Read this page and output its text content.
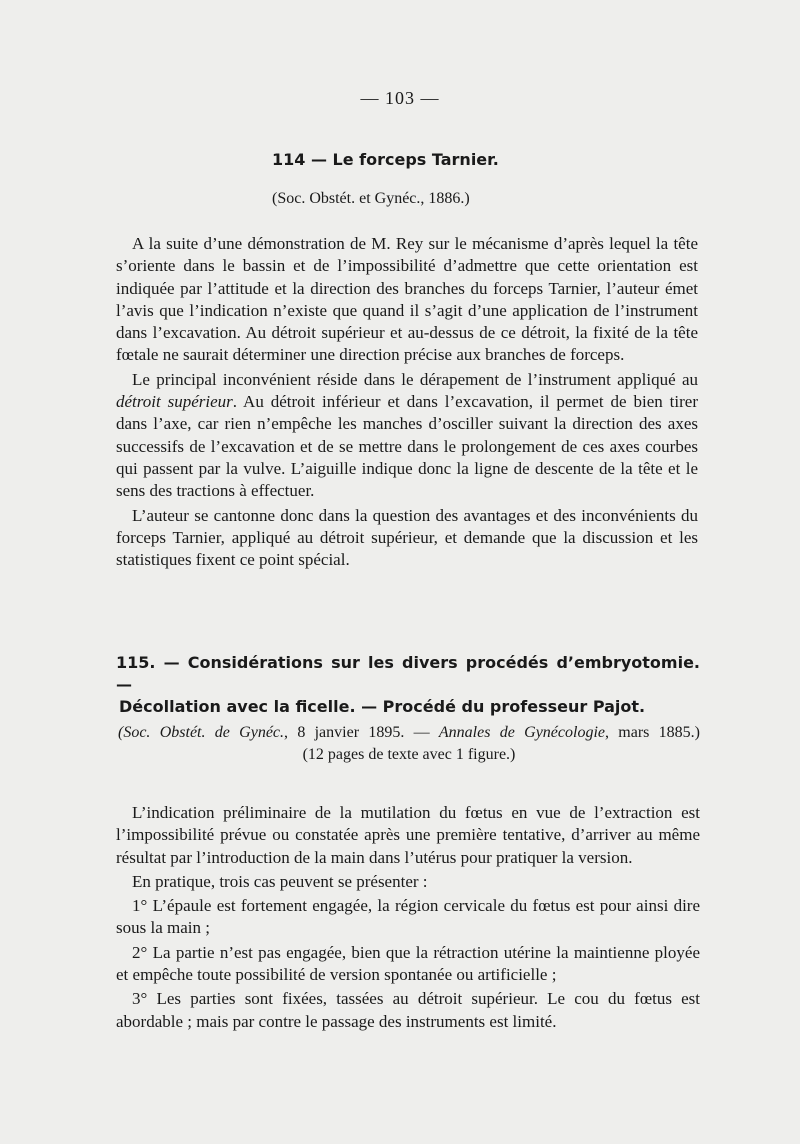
— 103 —
114 — Le forceps Tarnier.
(Soc. Obstét. et Gynéc., 1886.)

A la suite d’une démonstration de M. Rey sur le mécanisme d’après lequel la tête s’oriente dans le bassin et de l’impossibilité d’admettre que cette orientation est indiquée par l’attitude et la direction des branches du forceps Tarnier, l’auteur émet l’avis que l’indication n’existe que quand il s’agit d’une application de l’instrument dans l’excavation. Au détroit supérieur et au-dessus de ce détroit, la fixité de la tête fœtale ne saurait déterminer une direction précise aux branches de forceps.

Le principal inconvénient réside dans le dérapement de l’instrument appliqué au détroit supérieur. Au détroit inférieur et dans l’excavation, il permet de bien tirer dans l’axe, car rien n’empêche les manches d’osciller suivant la direction des axes successifs de l’excavation et de se mettre dans le prolongement de ces axes courbes qui passent par la vulve. L’aiguille indique donc la ligne de descente de la tête et le sens des tractions à effectuer.

L’auteur se cantonne donc dans la question des avantages et des inconvénients du forceps Tarnier, appliqué au détroit supérieur, et demande que la discussion et les statistiques fixent ce point spécial.

115. — Considérations sur les divers procédés d’embryotomie. —
Décollation avec la ficelle. — Procédé du professeur Pajot.
(Soc. Obstét. de Gynéc., 8 janvier 1895. — Annales de Gynécologie, mars 1885.)
(12 pages de texte avec 1 figure.)

L’indication préliminaire de la mutilation du fœtus en vue de l’extraction est l’impossibilité prévue ou constatée après une première tentative, d’arriver au même résultat par l’introduction de la main dans l’utérus pour pratiquer la version.

En pratique, trois cas peuvent se présenter :

1° L’épaule est fortement engagée, la région cervicale du fœtus est pour ainsi dire sous la main ;

2° La partie n’est pas engagée, bien que la rétraction utérine la maintienne ployée et empêche toute possibilité de version spontanée ou artificielle ;

3° Les parties sont fixées, tassées au détroit supérieur. Le cou du fœtus est abordable ; mais par contre le passage des instruments est limité.
